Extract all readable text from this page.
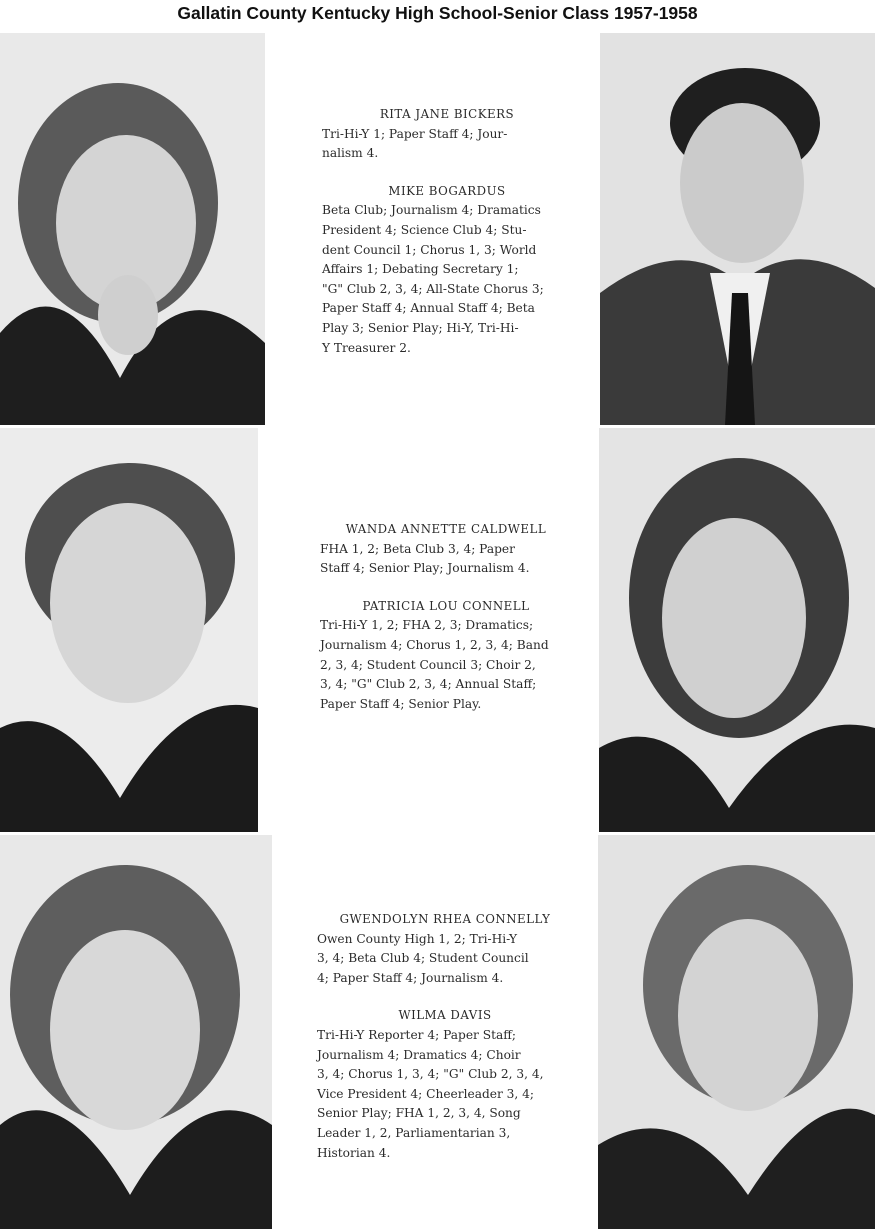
Gallatin County Kentucky High School-Senior Class 1957-1958
RITA JANE BICKERS
Tri-Hi-Y 1; Paper Staff 4; Jour-
nalism 4.
MIKE BOGARDUS
Beta Club; Journalism 4; Dramatics
President 4; Science Club 4; Stu-
dent Council 1; Chorus 1, 3; World
Affairs 1; Debating Secretary 1;
"G" Club 2, 3, 4; All-State Chorus 3;
Paper Staff 4; Annual Staff 4; Beta
Play 3; Senior Play; Hi-Y, Tri-Hi-
Y Treasurer 2.
WANDA ANNETTE CALDWELL
FHA 1, 2; Beta Club 3, 4; Paper
Staff 4; Senior Play; Journalism 4.
PATRICIA LOU CONNELL
Tri-Hi-Y 1, 2; FHA 2, 3; Dramatics;
Journalism 4; Chorus 1, 2, 3, 4; Band
2, 3, 4; Student Council 3; Choir 2,
3, 4; "G" Club 2, 3, 4; Annual Staff;
Paper Staff 4; Senior Play.
GWENDOLYN RHEA CONNELLY
Owen County High 1, 2; Tri-Hi-Y
3, 4; Beta Club 4; Student Council
4; Paper Staff 4; Journalism 4.
WILMA DAVIS
Tri-Hi-Y Reporter 4; Paper Staff;
Journalism 4; Dramatics 4; Choir
3, 4; Chorus 1, 3, 4; "G" Club 2, 3, 4,
Vice President 4; Cheerleader 3, 4;
Senior Play; FHA 1, 2, 3, 4, Song
Leader 1, 2, Parliamentarian 3,
Historian 4.
